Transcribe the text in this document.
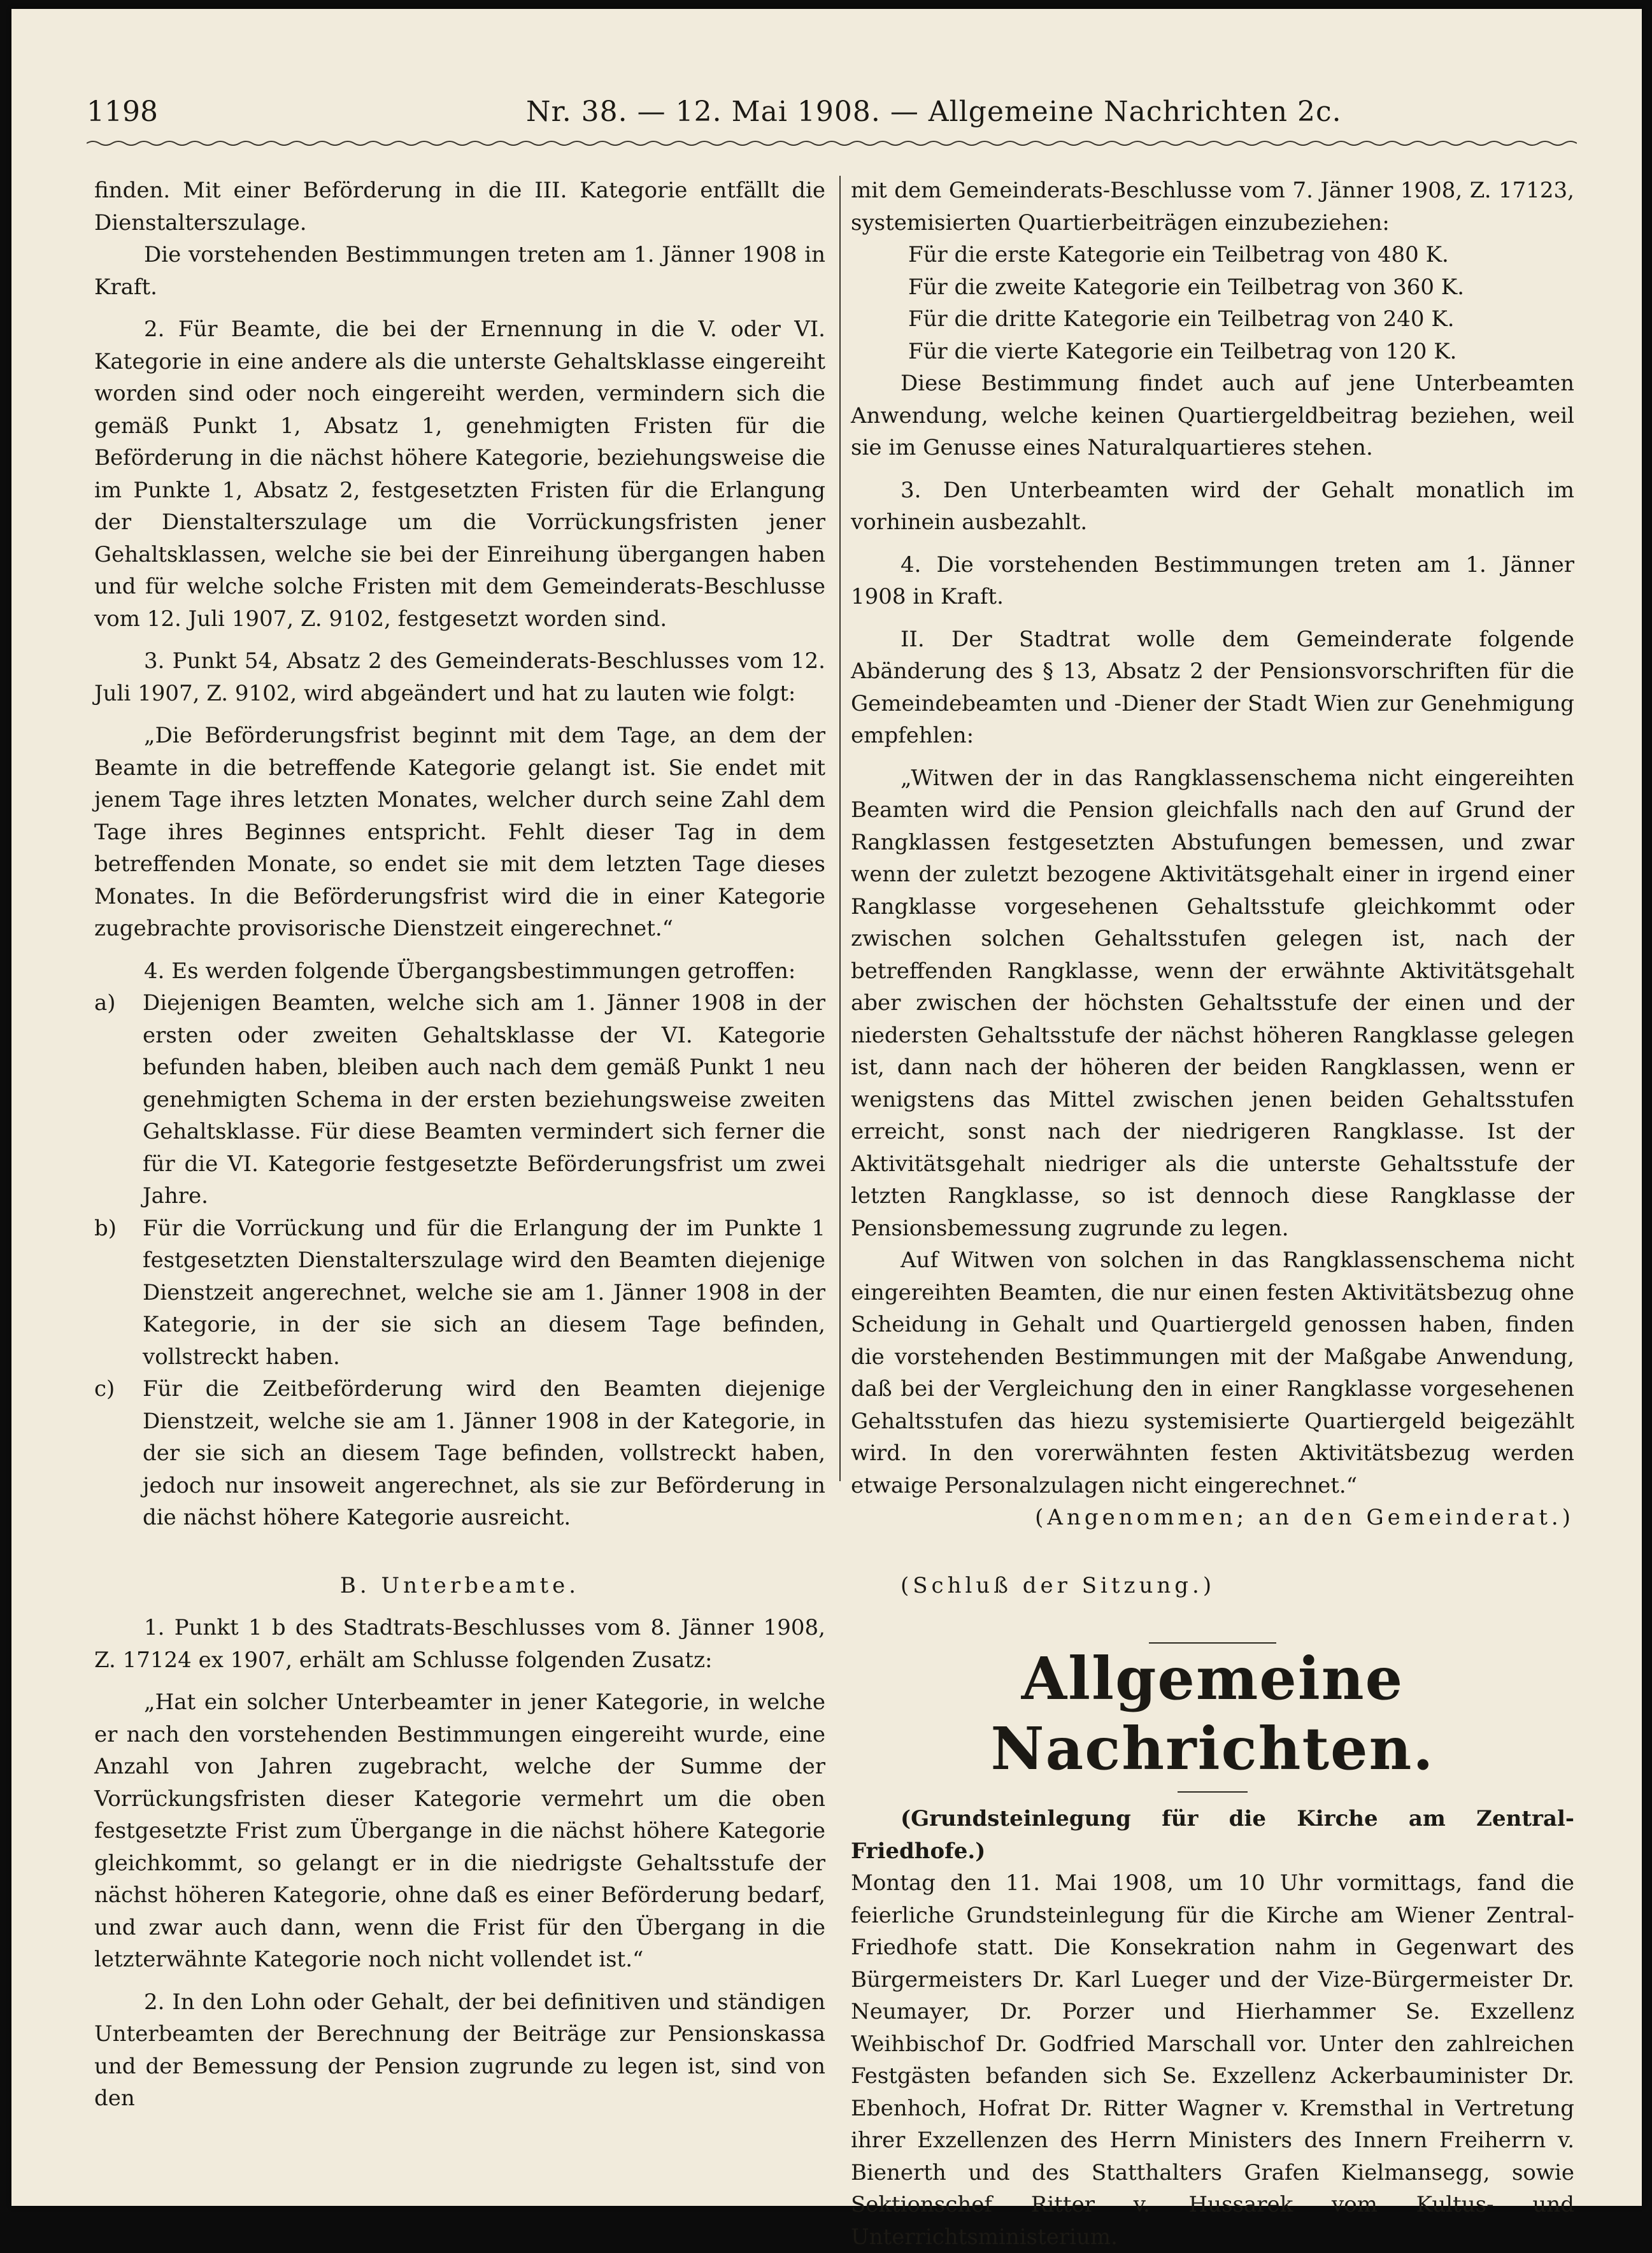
1198	Nr. 38. — 12. Mai 1908. — Allgemeine Nachrichten 2c.

finden. Mit einer Beförderung in die III. Kategorie entfällt die Dienstalterszulage.

Die vorstehenden Bestimmungen treten am 1. Jänner 1908 in Kraft.

2. Für Beamte, die bei der Ernennung in die V. oder VI. Kategorie in eine andere als die unterste Gehaltsklasse eingereiht worden sind oder noch eingereiht werden, vermindern sich die gemäß Punkt 1, Absatz 1, genehmigten Fristen für die Beförderung in die nächst höhere Kategorie, beziehungsweise die im Punkte 1, Absatz 2, festgesetzten Fristen für die Erlangung der Dienstalterszulage um die Vorrückungsfristen jener Gehaltsklassen, welche sie bei der Einreihung übergangen haben und für welche solche Fristen mit dem Gemeinderats-Beschlusse vom 12. Juli 1907, Z. 9102, festgesetzt worden sind.

3. Punkt 54, Absatz 2 des Gemeinderats-Beschlusses vom 12. Juli 1907, Z. 9102, wird abgeändert und hat zu lauten wie folgt:

„Die Beförderungsfrist beginnt mit dem Tage, an dem der Beamte in die betreffende Kategorie gelangt ist. Sie endet mit jenem Tage ihres letzten Monates, welcher durch seine Zahl dem Tage ihres Beginnes entspricht. Fehlt dieser Tag in dem betreffenden Monate, so endet sie mit dem letzten Tage dieses Monates. In die Beförderungsfrist wird die in einer Kategorie zugebrachte provisorische Dienstzeit eingerechnet.“

4. Es werden folgende Übergangsbestimmungen getroffen:

a) Diejenigen Beamten, welche sich am 1. Jänner 1908 in der ersten oder zweiten Gehaltsklasse der VI. Kategorie befunden haben, bleiben auch nach dem gemäß Punkt 1 neu genehmigten Schema in der ersten beziehungsweise zweiten Gehaltsklasse. Für diese Beamten vermindert sich ferner die für die VI. Kategorie festgesetzte Beförderungsfrist um zwei Jahre.

b) Für die Vorrückung und für die Erlangung der im Punkte 1 festgesetzten Dienstalterszulage wird den Beamten diejenige Dienstzeit angerechnet, welche sie am 1. Jänner 1908 in der Kategorie, in der sie sich an diesem Tage befinden, vollstreckt haben.

c) Für die Zeitbeförderung wird den Beamten diejenige Dienstzeit, welche sie am 1. Jänner 1908 in der Kategorie, in der sie sich an diesem Tage befinden, vollstreckt haben, jedoch nur insoweit angerechnet, als sie zur Beförderung in die nächst höhere Kategorie ausreicht.

B. Unterbeamte.

1. Punkt 1 b des Stadtrats-Beschlusses vom 8. Jänner 1908, Z. 17124 ex 1907, erhält am Schlusse folgenden Zusatz:

„Hat ein solcher Unterbeamter in jener Kategorie, in welche er nach den vorstehenden Bestimmungen eingereiht wurde, eine Anzahl von Jahren zugebracht, welche der Summe der Vorrückungsfristen dieser Kategorie vermehrt um die oben festgesetzte Frist zum Übergange in die nächst höhere Kategorie gleichkommt, so gelangt er in die niedrigste Gehaltsstufe der nächst höheren Kategorie, ohne daß es einer Beförderung bedarf, und zwar auch dann, wenn die Frist für den Übergang in die letzterwähnte Kategorie noch nicht vollendet ist.“

2. In den Lohn oder Gehalt, der bei definitiven und ständigen Unterbeamten der Berechnung der Beiträge zur Pensionskassa und der Bemessung der Pension zugrunde zu legen ist, sind von den

mit dem Gemeinderats-Beschlusse vom 7. Jänner 1908, Z. 17123, systemisierten Quartierbeiträgen einzubeziehen:

Für die erste Kategorie ein Teilbetrag von 480 K.

Für die zweite Kategorie ein Teilbetrag von 360 K.

Für die dritte Kategorie ein Teilbetrag von 240 K.

Für die vierte Kategorie ein Teilbetrag von 120 K.

Diese Bestimmung findet auch auf jene Unterbeamten Anwendung, welche keinen Quartiergeldbeitrag beziehen, weil sie im Genusse eines Naturalquartieres stehen.

3. Den Unterbeamten wird der Gehalt monatlich im vorhinein ausbezahlt.

4. Die vorstehenden Bestimmungen treten am 1. Jänner 1908 in Kraft.

II. Der Stadtrat wolle dem Gemeinderate folgende Abänderung des § 13, Absatz 2 der Pensionsvorschriften für die Gemeindebeamten und -Diener der Stadt Wien zur Genehmigung empfehlen:

„Witwen der in das Rangklassenschema nicht eingereihten Beamten wird die Pension gleichfalls nach den auf Grund der Rangklassen festgesetzten Abstufungen bemessen, und zwar wenn der zuletzt bezogene Aktivitätsgehalt einer in irgend einer Rangklasse vorgesehenen Gehaltsstufe gleichkommt oder zwischen solchen Gehaltsstufen gelegen ist, nach der betreffenden Rangklasse, wenn der erwähnte Aktivitätsgehalt aber zwischen der höchsten Gehaltsstufe der einen und der niedersten Gehaltsstufe der nächst höheren Rangklasse gelegen ist, dann nach der höheren der beiden Rangklassen, wenn er wenigstens das Mittel zwischen jenen beiden Gehaltsstufen erreicht, sonst nach der niedrigeren Rangklasse. Ist der Aktivitätsgehalt niedriger als die unterste Gehaltsstufe der letzten Rangklasse, so ist dennoch diese Rangklasse der Pensionsbemessung zugrunde zu legen.

Auf Witwen von solchen in das Rangklassenschema nicht eingereihten Beamten, die nur einen festen Aktivitätsbezug ohne Scheidung in Gehalt und Quartiergeld genossen haben, finden die vorstehenden Bestimmungen mit der Maßgabe Anwendung, daß bei der Vergleichung den in einer Rangklasse vorgesehenen Gehaltsstufen das hiezu systemisierte Quartiergeld beigezählt wird. In den vorerwähnten festen Aktivitätsbezug werden etwaige Personalzulagen nicht eingerechnet.“

(Angenommen; an den Gemeinderat.)

(Schluß der Sitzung.)

Allgemeine Nachrichten.

(Grundsteinlegung für die Kirche am Zentral-Friedhofe.)

Montag den 11. Mai 1908, um 10 Uhr vormittags, fand die feierliche Grundsteinlegung für die Kirche am Wiener Zentral-Friedhofe statt. Die Konsekration nahm in Gegenwart des Bürgermeisters Dr. Karl Lueger und der Vize-Bürgermeister Dr. Neumayer, Dr. Porzer und Hierhammer Se. Exzellenz Weihbischof Dr. Godfried Marschall vor. Unter den zahlreichen Festgästen befanden sich Se. Exzellenz Ackerbauminister Dr. Ebenhoch, Hofrat Dr. Ritter Wagner v. Kremsthal in Vertretung ihrer Exzellenzen des Herrn Ministers des Innern Freiherrn v. Bienerth und des Statthalters Grafen Kielmansegg, sowie Sektionschef Ritter v. Hussarek vom Kultus- und Unterrichtsministerium.
